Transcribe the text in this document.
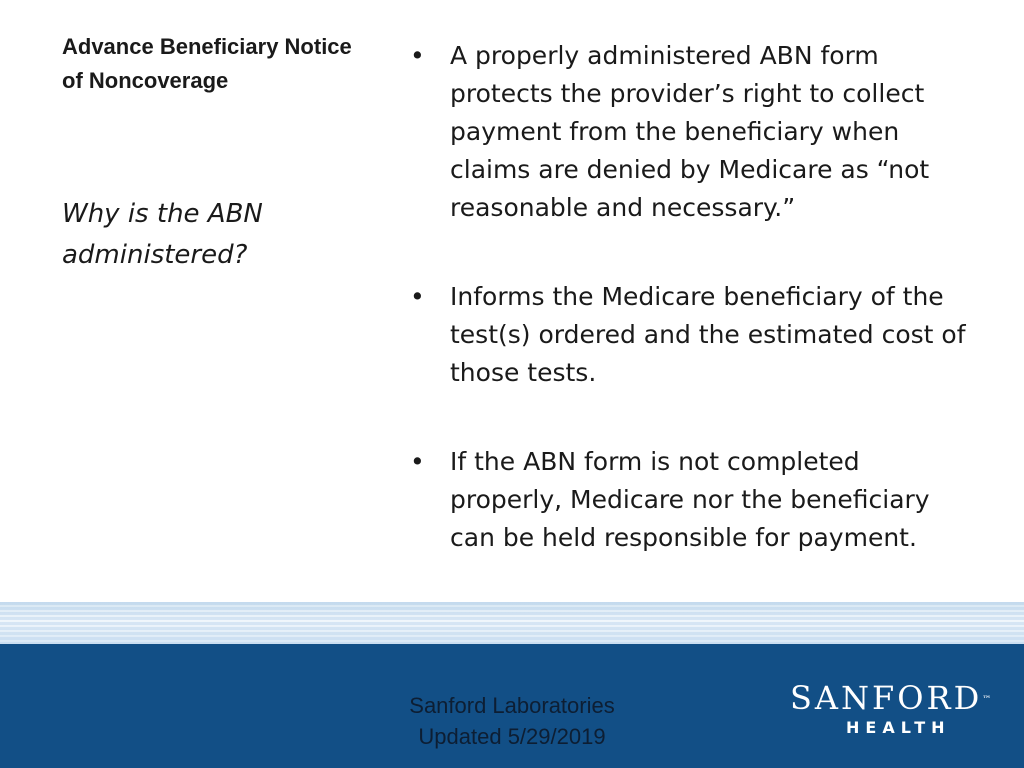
Advance Beneficiary Notice of Noncoverage
Why is the ABN administered?
• A properly administered ABN form protects the provider’s right to collect payment from the beneficiary when claims are denied by Medicare as “not reasonable and necessary.”
• Informs the Medicare beneficiary of the test(s) ordered and the estimated cost of those tests.
• If the ABN form is not completed properly, Medicare nor the beneficiary can be held responsible for payment.
Sanford Laboratories
Updated 5/29/2019
SANFORD™
HEALTH
